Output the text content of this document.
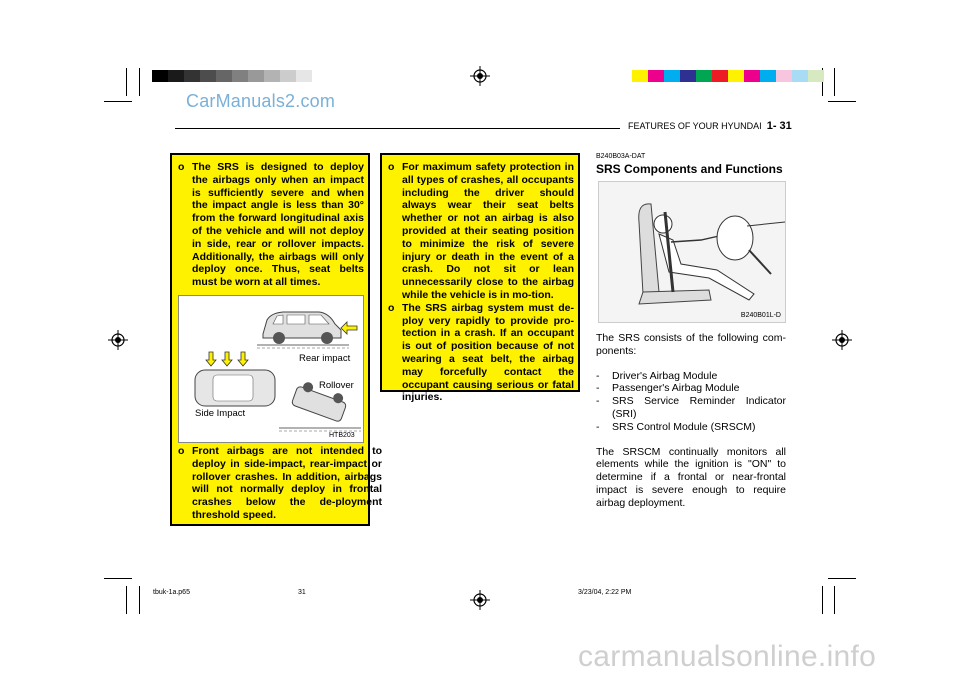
CarManuals2.com
FEATURES OF YOUR HYUNDAI 1- 31
o The SRS is designed to deploy the airbags only when an impact is sufficiently severe and when the impact angle is less than 30° from the forward longitudinal axis of the vehicle and will not deploy in side, rear or rollover impacts. Additionally, the airbags will only deploy once. Thus, seat belts must be worn at all times.
Rear impact
Rollover
Side Impact
HTB203
o Front airbags are not intended to deploy in side-impact, rear-impact or rollover crashes. In addition, airbags will not normally deploy in frontal crashes below the de-ployment threshold speed.
o For maximum safety protection in all types of crashes, all occupants including the driver should always wear their seat belts whether or not an airbag is also provided at their seating position to minimize the risk of severe injury or death in the event of a crash. Do not sit or lean unnecessarily close to the airbag while the vehicle is in mo-tion.
o The SRS airbag system must de-ploy very rapidly to provide pro-tection in a crash. If an occupant is out of position because of not wearing a seat belt, the airbag may forcefully contact the occupant causing serious or fatal injuries.
B240B03A-DAT
SRS Components and Functions
B240B01L-D
The SRS consists of the following com-ponents:
- Driver's Airbag Module
- Passenger's Airbag Module
- SRS Service Reminder Indicator (SRI)
- SRS Control Module (SRSCM)
The SRSCM continually monitors all elements while the ignition is "ON" to determine if a frontal or near-frontal impact is severe enough to require airbag deployment.
tbuk-1a.p65	31	3/23/04, 2:22 PM
carmanualsonline.info
